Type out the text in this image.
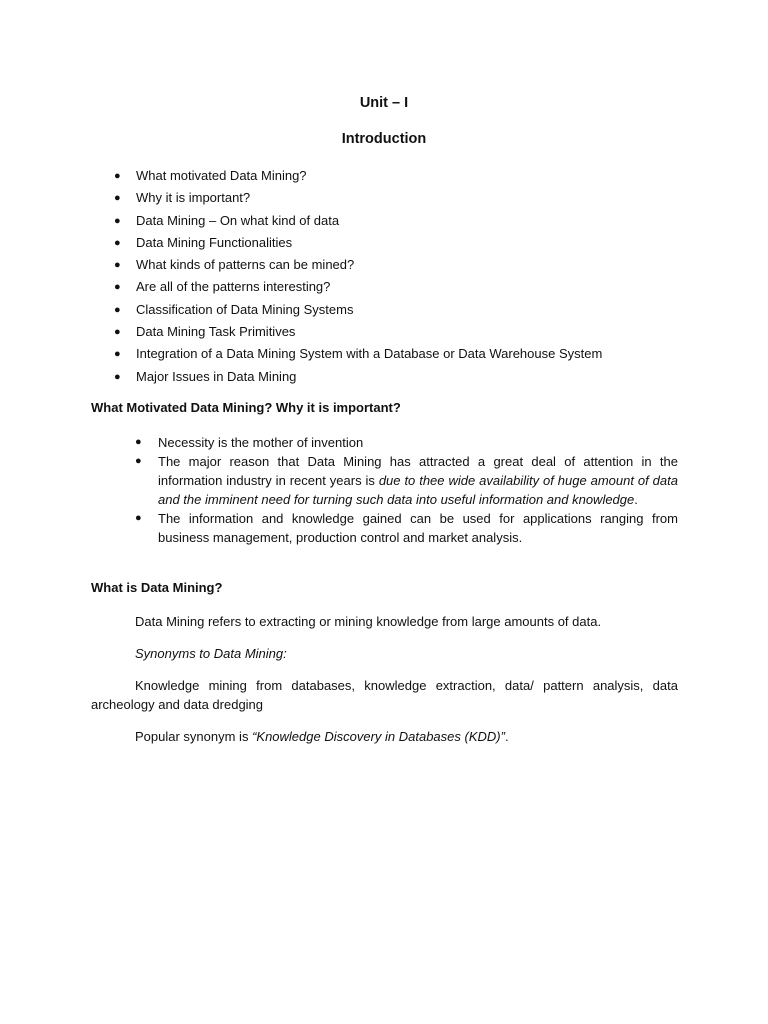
Unit – I
Introduction
● What motivated Data Mining?
● Why it is important?
● Data Mining – On what kind of data
● Data Mining Functionalities
● What kinds of patterns can be mined?
● Are all of the patterns interesting?
● Classification of Data Mining Systems
● Data Mining Task Primitives
● Integration of a Data Mining System with a Database or Data Warehouse System
● Major Issues in Data Mining
What Motivated Data Mining? Why it is important?
● Necessity is the mother of invention
● The major reason that Data Mining has attracted a great deal of attention in the information industry in recent years is due to thee wide availability of huge amount of data and the imminent need for turning such data into useful information and knowledge.
● The information and knowledge gained can be used for applications ranging from business management, production control and market analysis.
What is Data Mining?
Data Mining refers to extracting or mining knowledge from large amounts of data.
Synonyms to Data Mining:
Knowledge mining from databases, knowledge extraction, data/ pattern analysis, data archeology and data dredging
Popular synonym is “Knowledge Discovery in Databases (KDD)”.
